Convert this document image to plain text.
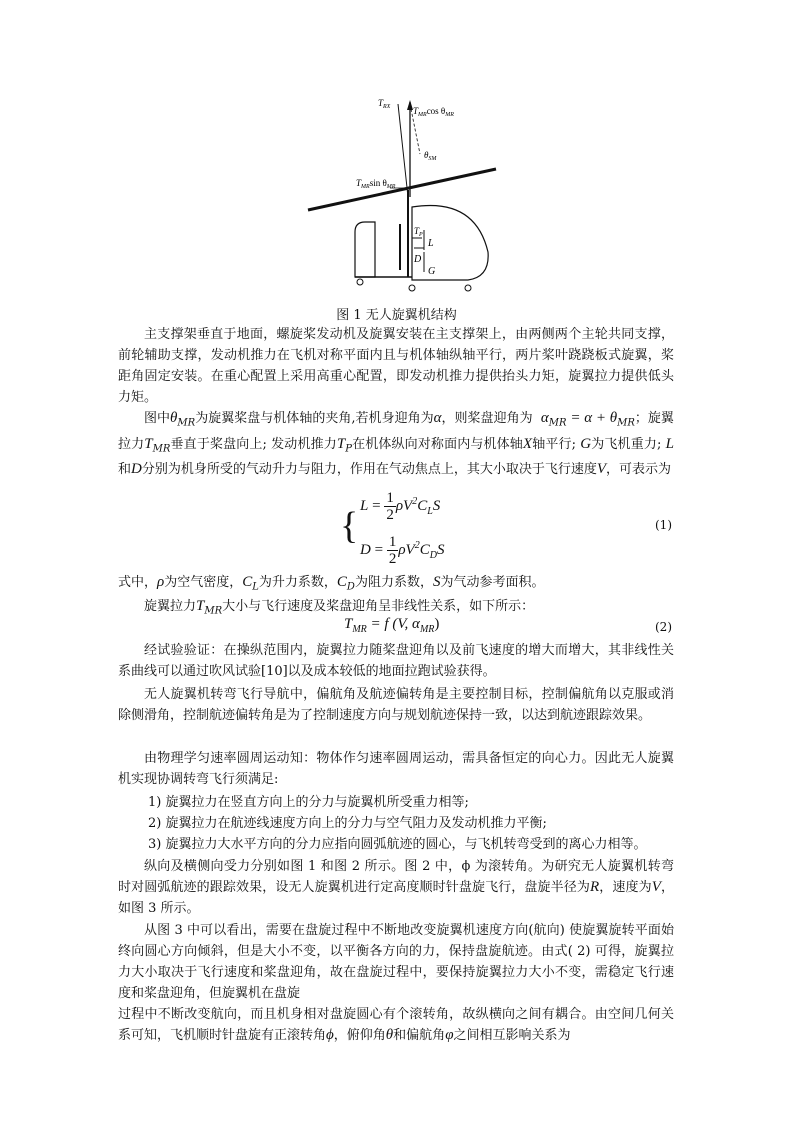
$T_{RX}$	$T_{MR}\cos$ $\theta_{MR}$
$\theta_{SM}$
$T_{MR}\sin$ $\theta_{MR}$
$T_P$
L
D
G
图 1 无人旋翼机结构

主支撑架垂直于地面，螺旋桨发动机及旋翼安装在主支撑架上，由两侧两个主轮共同支撑，前轮辅助支撑，发动机推力在飞机对称平面内且与机体轴纵轴平行，两片桨叶跷跷板式旋翼，桨距角固定安装。在重心配置上采用高重心配置，即发动机推力提供抬头力矩，旋翼拉力提供低头力矩。

图中$\theta_{MR}$为旋翼桨盘与机体轴的夹角,若机身迎角为α，则桨盘迎角为 $\alpha_{MR} = \alpha + \theta_{MR}$；旋翼拉力$T_{MR}$垂直于桨盘向上; 发动机推力$T_P$在机体纵向对称面内与机体轴X轴平行; G为飞机重力; L和D分别为机身所受的气动升力与阻力，作用在气动焦点上，其大小取决于飞行速度V，可表示为

{ $L = \frac{1}{2} \rho V^2C_LS$
$D = \frac{1}{2} \rho V^2C_DS$
(1)

式中，ρ为空气密度，$C_L$为升力系数，$C_D$为阻力系数，S为气动参考面积。

旋翼拉力$T_{MR}$大小与飞行速度及桨盘迎角呈非线性关系，如下所示：

$T_{MR} = f$ (V, $\alpha_{MR}$)	(2)

经试验验证：在操纵范围内，旋翼拉力随桨盘迎角以及前飞速度的增大而增大，其非线性关系曲线可以通过吹风试验[10]以及成本较低的地面拉跑试验获得。

无人旋翼机转弯飞行导航中，偏航角及航迹偏转角是主要控制目标，控制偏航角以克服或消除侧滑角，控制航迹偏转角是为了控制速度方向与规划航迹保持一致，以达到航迹跟踪效果。

由物理学匀速率圆周运动知：物体作匀速率圆周运动，需具备恒定的向心力。因此无人旋翼机实现协调转弯飞行须满足:

1) 旋翼拉力在竖直方向上的分力与旋翼机所受重力相等;
2) 旋翼拉力在航迹线速度方向上的分力与空气阻力及发动机推力平衡;
3) 旋翼拉力大水平方向的分力应指向圆弧航迹的圆心，与飞机转弯受到的离心力相等。

纵向及横侧向受力分别如图 1 和图 2 所示。图 2 中，ϕ 为滚转角。为研究无人旋翼机转弯时对圆弧航迹的跟踪效果，设无人旋翼机进行定高度顺时针盘旋飞行，盘旋半径为R，速度为V，如图 3 所示。

从图 3 中可以看出，需要在盘旋过程中不断地改变旋翼机速度方向(航向) 使旋翼旋转平面始终向圆心方向倾斜，但是大小不变，以平衡各方向的力，保持盘旋航迹。由式( 2) 可得，旋翼拉力大小取决于飞行速度和桨盘迎角，故在盘旋过程中，要保持旋翼拉力大小不变，需稳定飞行速度和桨盘迎角，但旋翼机在盘旋

过程中不断改变航向，而且机身相对盘旋圆心有个滚转角，故纵横向之间有耦合。由空间几何关系可知，飞机顺时针盘旋有正滚转角ϕ，俯仰角θ和偏航角φ之间相互影响关系为
